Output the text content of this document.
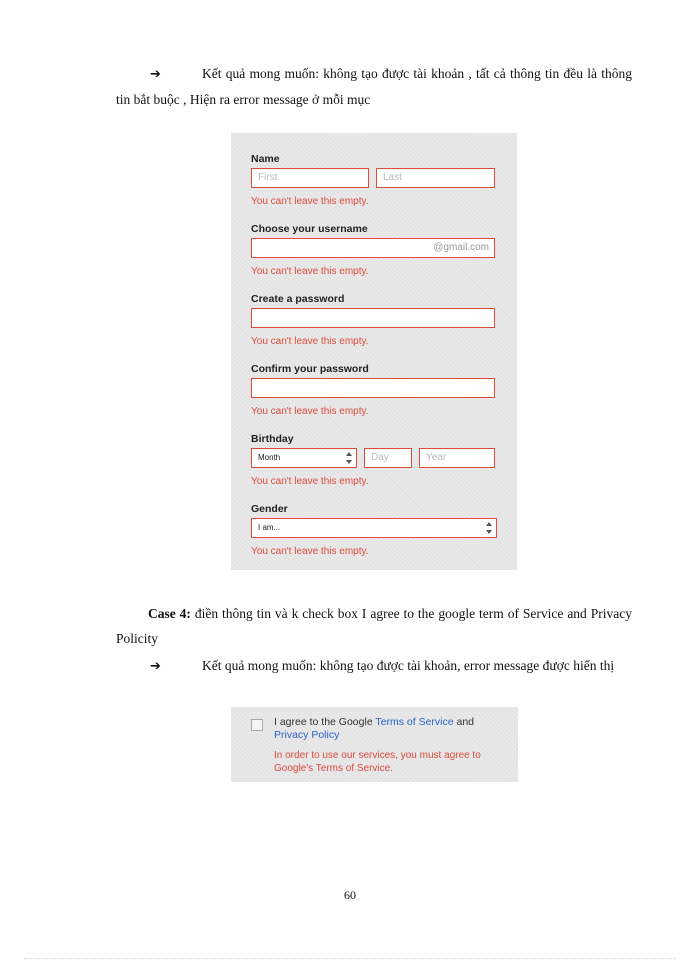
➔	Kết quả mong muốn: không tạo được tài khoản , tất cả thông tin đều là thông tin bắt buộc , Hiện ra error message ở mỗi mục

Name
First	Last
You can't leave this empty.
Choose your username
@gmail.com
You can't leave this empty.
Create a password
You can't leave this empty.
Confirm your password
You can't leave this empty.
Birthday
Month	Day	Year
You can't leave this empty.
Gender
I am...
You can't leave this empty.

Case 4: điền thông tin và k check box I agree to the google term of Service and Privacy Policity

➔	Kết quả mong muốn: không tạo được tài khoản, error message được hiển thị

I agree to the Google Terms of Service and Privacy Policy
In order to use our services, you must agree to Google's Terms of Service.
60
